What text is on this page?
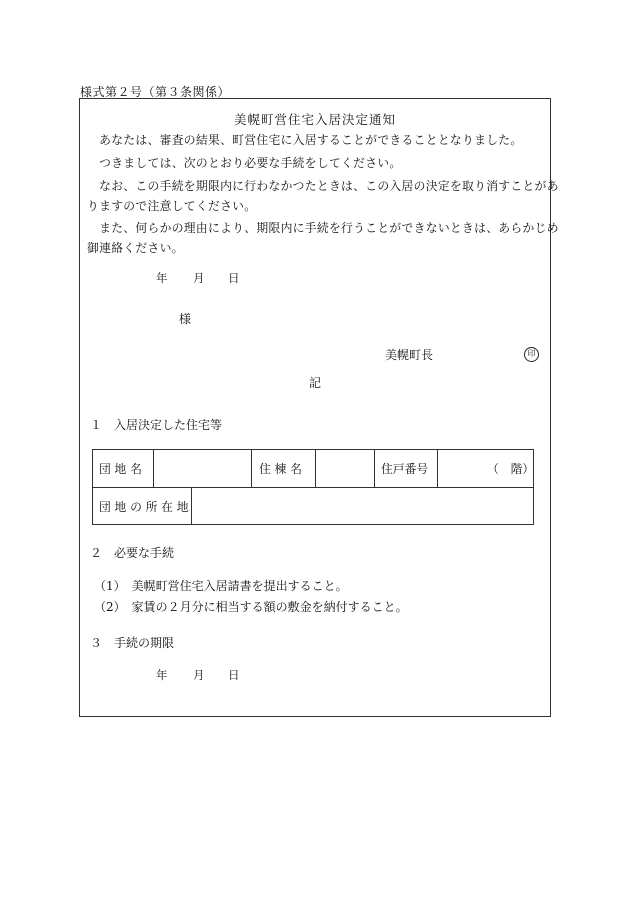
様式第２号（第３条関係）
美幌町営住宅入居決定通知
　あなたは、審査の結果、町営住宅に入居することができることとなりました。
　つきましては、次のとおり必要な手続をしてください。
　なお、この手続を期限内に行わなかつたときは、この入居の決定を取り消すことがあ
りますので注意してください。
　また、何らかの理由により、期限内に手続を行うことができないときは、あらかじめ
御連絡ください。
年 月 日
様
美幌町長	印
記
１　 入居決定した住宅等
団 地 名	住 棟 名	住戸番号	（　階）
団 地 の 所 在 地
２　 必要な手続
（1）　 美幌町営住宅入居請書を提出すること。
（2）　 家賃の２月分に相当する額の敷金を納付すること。
３　 手続の期限
年 月 日
